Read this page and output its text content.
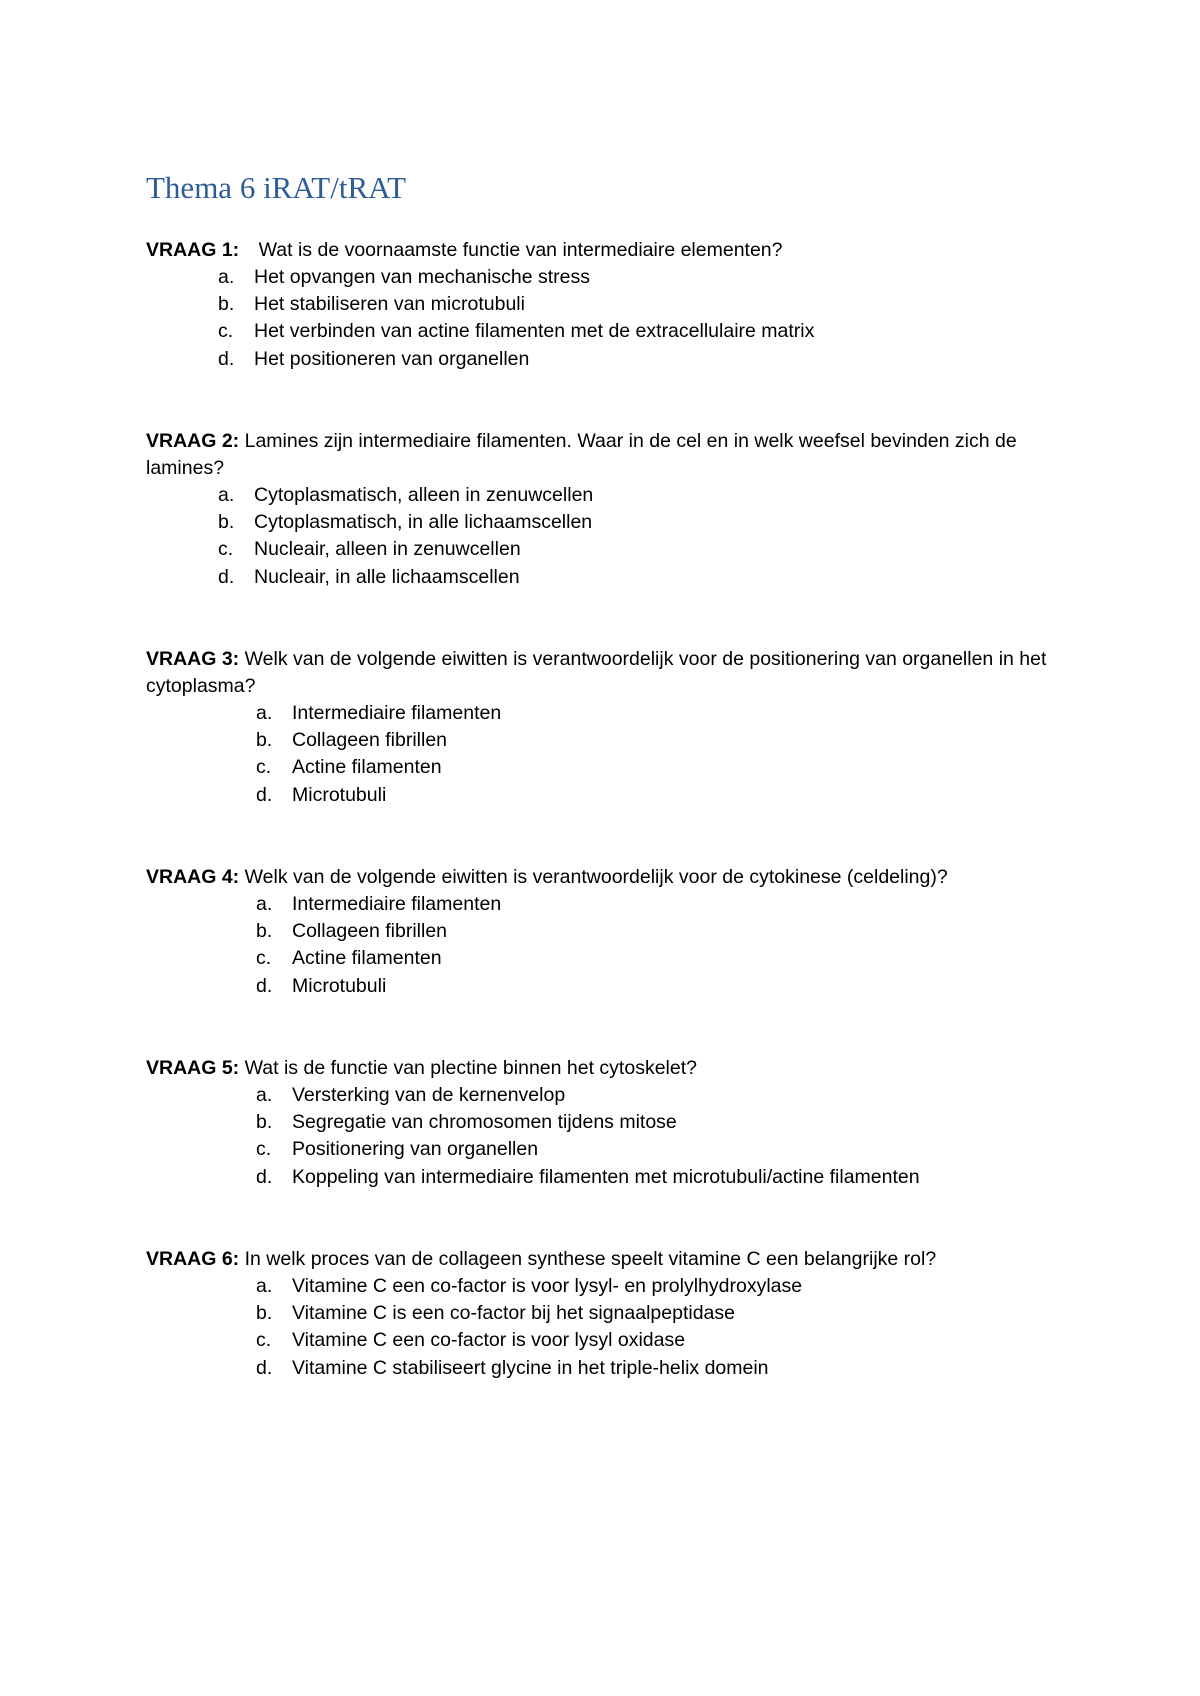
Thema 6 iRAT/tRAT

VRAAG 1: Wat is de voornaamste functie van intermediaire elementen?

a. Het opvangen van mechanische stress
b. Het stabiliseren van microtubuli
c. Het verbinden van actine filamenten met de extracellulaire matrix
d. Het positioneren van organellen

VRAAG 2: Lamines zijn intermediaire filamenten. Waar in de cel en in welk weefsel bevinden zich de lamines?

a. Cytoplasmatisch, alleen in zenuwcellen
b. Cytoplasmatisch, in alle lichaamscellen
c. Nucleair, alleen in zenuwcellen
d. Nucleair, in alle lichaamscellen

VRAAG 3: Welk van de volgende eiwitten is verantwoordelijk voor de positionering van organellen in het cytoplasma?

a. Intermediaire filamenten
b. Collageen fibrillen
c. Actine filamenten
d. Microtubuli

VRAAG 4: Welk van de volgende eiwitten is verantwoordelijk voor de cytokinese (celdeling)?

a. Intermediaire filamenten
b. Collageen fibrillen
c. Actine filamenten
d. Microtubuli

VRAAG 5: Wat is de functie van plectine binnen het cytoskelet?

a. Versterking van de kernenvelop
b. Segregatie van chromosomen tijdens mitose
c. Positionering van organellen
d. Koppeling van intermediaire filamenten met microtubuli/actine filamenten

VRAAG 6: In welk proces van de collageen synthese speelt vitamine C een belangrijke rol?

a. Vitamine C een co-factor is voor lysyl- en prolylhydroxylase
b. Vitamine C is een co-factor bij het signaalpeptidase
c. Vitamine C een co-factor is voor lysyl oxidase
d. Vitamine C stabiliseert glycine in het triple-helix domein
